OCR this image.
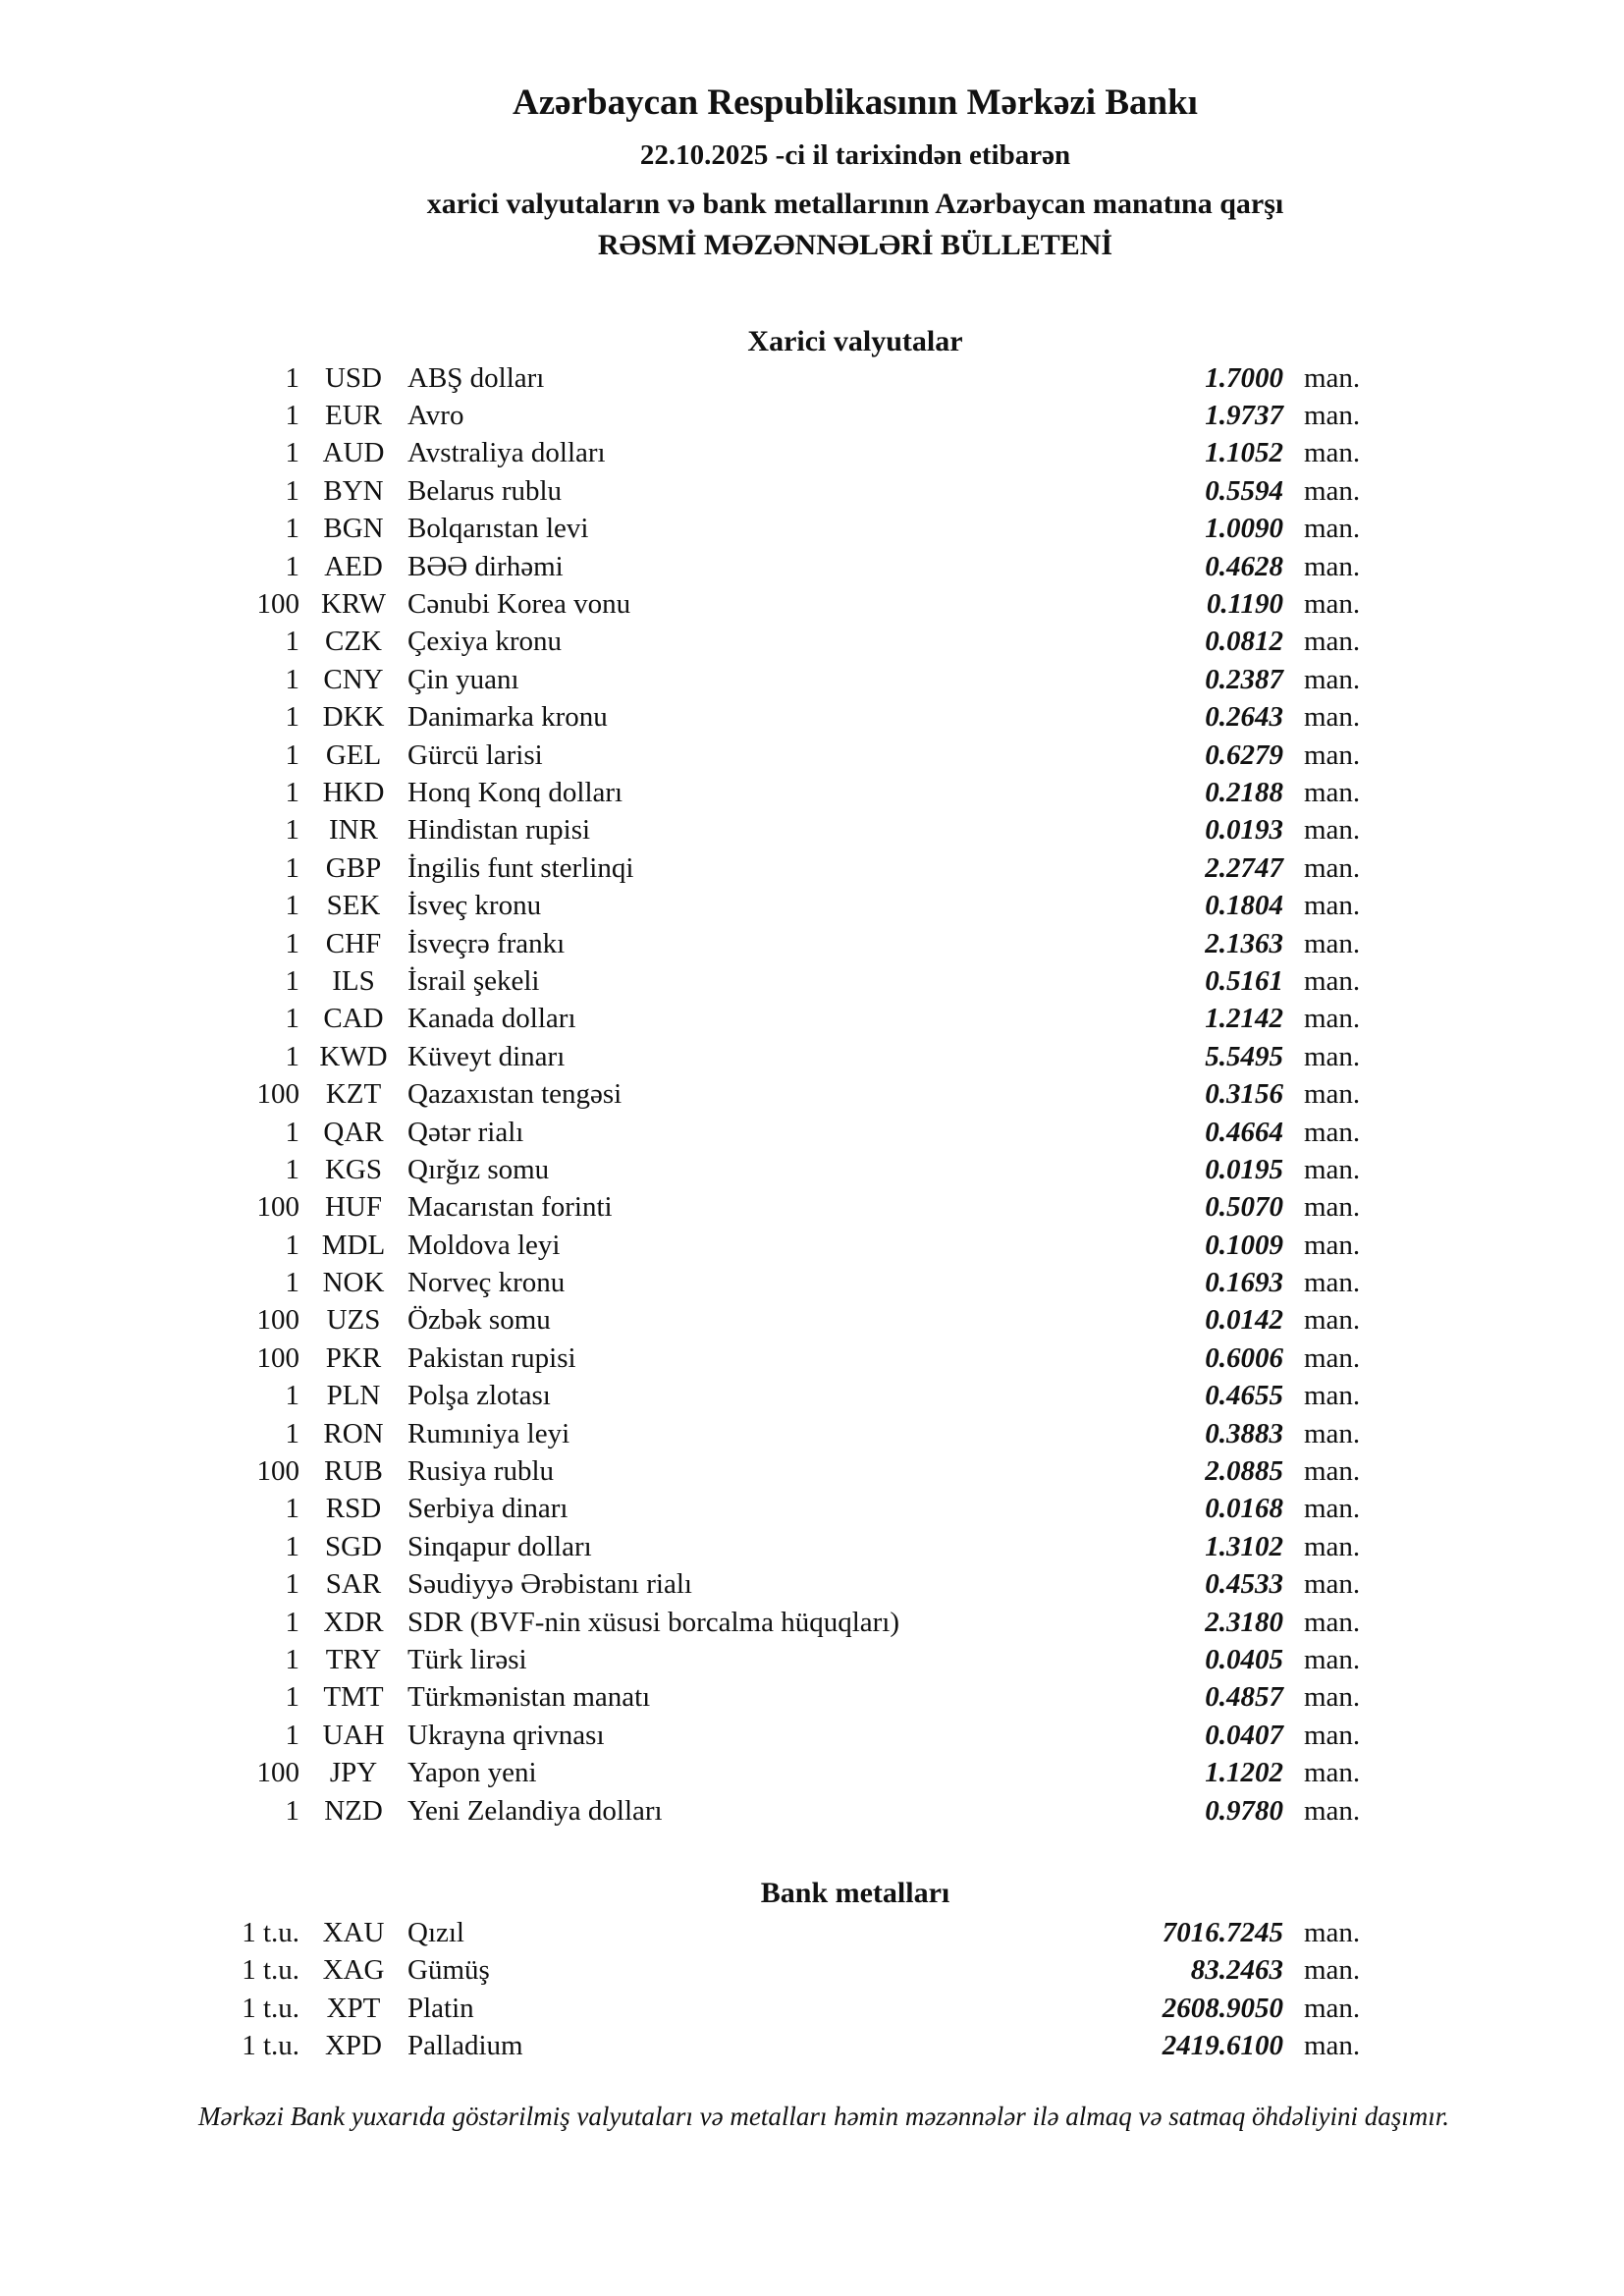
Azərbaycan Respublikasının Mərkəzi Bankı
22.10.2025 -ci il tarixindən etibarən
xarici valyutaların və bank metallarının Azərbaycan manatına qarşı
RƏSMİ MƏZƏNNƏLƏRİ BÜLLETENİ
Xarici valyutalar
1 USD ABŞ dolları	1.7000 man.
1 EUR Avro	1.9737 man.
1 AUD Avstraliya dolları	1.1052 man.
1 BYN Belarus rublu	0.5594 man.
1 BGN Bolqarıstan levi	1.0090 man.
1 AED BƏƏ dirhəmi	0.4628 man.
100 KRW Cənubi Korea vonu	0.1190 man.
1 CZK Çexiya kronu	0.0812 man.
1 CNY Çin yuanı	0.2387 man.
1 DKK Danimarka kronu	0.2643 man.
1 GEL Gürcü larisi	0.6279 man.
1 HKD Honq Konq dolları	0.2188 man.
1	INR	Hindistan rupisi	0.0193 man.
1 GBP İngilis funt sterlinqi	2.2747 man.
1 SEK İsveç kronu	0.1804 man.
1 CHF İsveçrə frankı	2.1363 man.
1	ILS	İsrail şekeli	0.5161 man.
1 CAD Kanada dolları	1.2142 man.
1 KWD Küveyt dinarı	5.5495 man.
100 KZT Qazaxıstan tengəsi	0.3156 man.
1 QAR Qətər rialı	0.4664 man.
1 KGS Qırğız somu	0.0195 man.
100 HUF Macarıstan forinti	0.5070 man.
1 MDL Moldova leyi	0.1009 man.
1 NOK Norveç kronu	0.1693 man.
100 UZS Özbək somu	0.0142 man.
100 PKR Pakistan rupisi	0.6006 man.
1 PLN Polşa zlotası	0.4655 man.
1 RON Rumıniya leyi	0.3883 man.
100 RUB Rusiya rublu	2.0885 man.
1 RSD Serbiya dinarı	0.0168 man.
1 SGD Sinqapur dolları	1.3102 man.
1 SAR Səudiyyə Ərəbistanı rialı	0.4533 man.
1 XDR SDR (BVF-nin xüsusi borcalma hüquqları)	2.3180 man.
1 TRY Türk lirəsi	0.0405 man.
1 TMT Türkmənistan manatı	0.4857 man.
1 UAH Ukrayna qrivnası	0.0407 man.
100	JPY	Yapon yeni	1.1202 man.
1 NZD Yeni Zelandiya dolları	0.9780 man.
Bank metalları
1 t.u. XAU Qızıl	7016.7245 man.
1 t.u. XAG Gümüş	83.2463 man.
1 t.u. XPT Platin	2608.9050 man.
1 t.u. XPD Palladium	2419.6100 man.
Mərkəzi Bank yuxarıda göstərilmiş valyutaları və metalları həmin məzənnələr ilə almaq və satmaq öhdəliyini daşımır.
